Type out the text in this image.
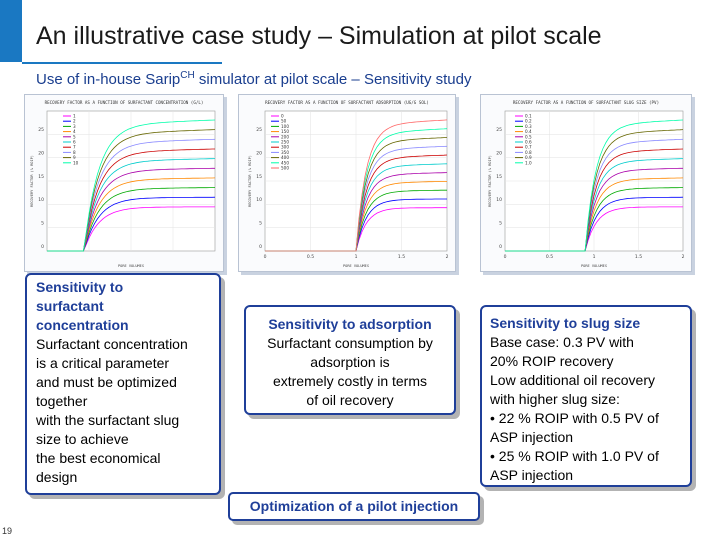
An illustrative case study – Simulation at pilot scale
Use of in-house Sarip$^{CH}$ simulator at pilot scale – Sensitivity study
RECOVERY FACTOR AS A FUNCTION OF SURFACTANT CONCENTRATION (G/L)
0
5
10
15
20
25
PORE VOLUMES
RECOVERY FACTOR (% ROIP)
1
2
3
4
5
6
7
8
9
10
RECOVERY FACTOR AS A FUNCTION OF SURFACTANT ADSORPTION (UG/G SOL)
0
5
10
15
20
25
0	0.5	1	1.5	2
PORE VOLUMES
RECOVERY FACTOR (% ROIP)
0
50
100
150
200
250
300
350
400
450
500
RECOVERY FACTOR AS A FUNCTION OF SURFACTANT SLUG SIZE (PV)
0
5
10
15
20
25
0	0.5	1	1.5	2
PORE VOLUMES
RECOVERY FACTOR (% ROIP)
0.1
0.2
0.3
0.4
0.5
0.6
0.7
0.8
0.9
1.0
Sensitivity to
surfactant
concentration
Surfactant concentration
is a critical parameter
and must be optimized
together
with the surfactant slug
size to achieve
the best economical
design
Sensitivity to adsorption
Surfactant consumption by
adsorption is
extremely costly in terms
of oil recovery
Sensitivity to slug size
Base case: 0.3 PV with
20% ROIP recovery
Low additional oil recovery
with higher slug size:
• 22 % ROIP with 0.5 PV of
ASP injection
• 25 % ROIP with 1.0 PV of
ASP injection
Optimization of a pilot injection
19
